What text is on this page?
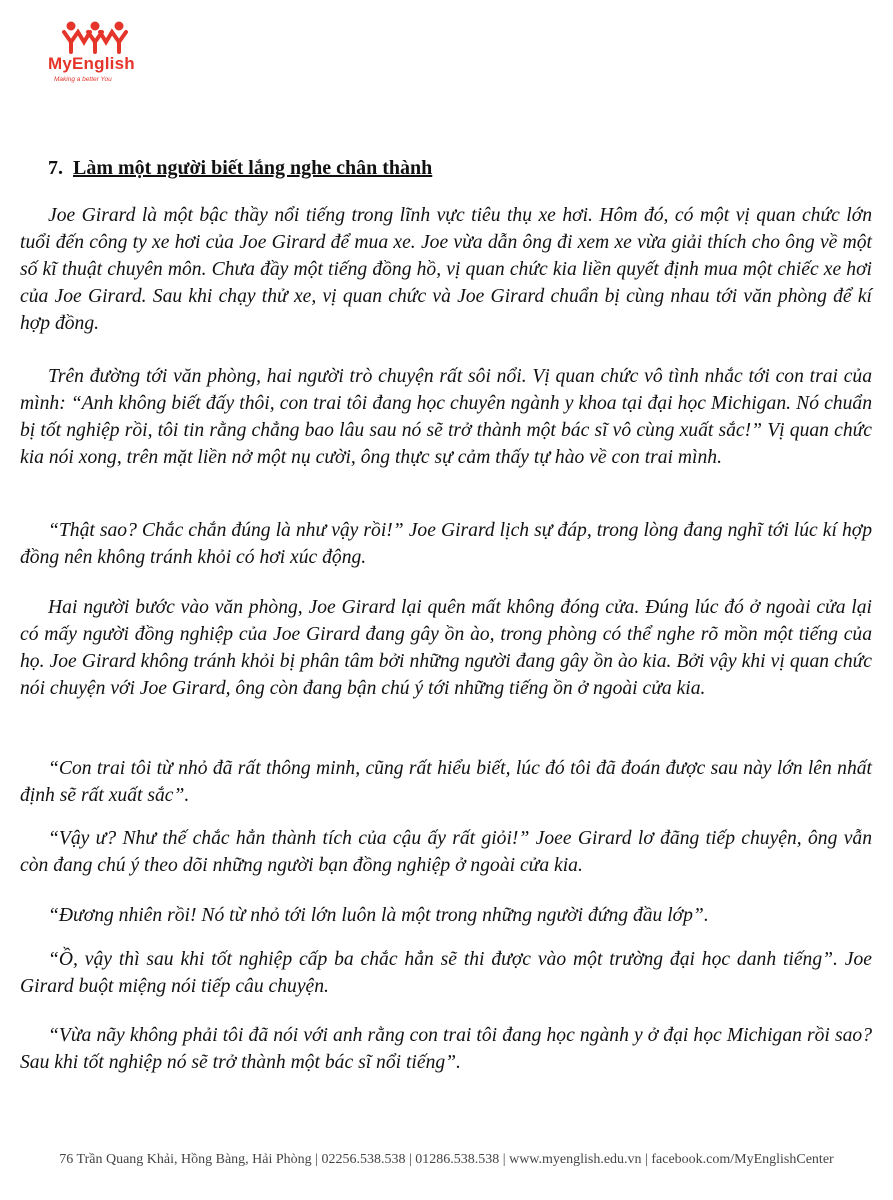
MyEnglish
Making a better You
7. Làm một người biết lắng nghe chân thành

Joe Girard là một bậc thầy nổi tiếng trong lĩnh vực tiêu thụ xe hơi. Hôm đó, có một vị quan chức lớn tuổi đến công ty xe hơi của Joe Girard để mua xe. Joe vừa dẫn ông đi xem xe vừa giải thích cho ông về một số kĩ thuật chuyên môn. Chưa đầy một tiếng đồng hồ, vị quan chức kia liền quyết định mua một chiếc xe hơi của Joe Girard. Sau khi chạy thử xe, vị quan chức và Joe Girard chuẩn bị cùng nhau tới văn phòng để kí hợp đồng.

Trên đường tới văn phòng, hai người trò chuyện rất sôi nổi. Vị quan chức vô tình nhắc tới con trai của mình: “Anh không biết đấy thôi, con trai tôi đang học chuyên ngành y khoa tại đại học Michigan. Nó chuẩn bị tốt nghiệp rồi, tôi tin rằng chẳng bao lâu sau nó sẽ trở thành một bác sĩ vô cùng xuất sắc!” Vị quan chức kia nói xong, trên mặt liền nở một nụ cười, ông thực sự cảm thấy tự hào về con trai mình.

“Thật sao? Chắc chắn đúng là như vậy rồi!” Joe Girard lịch sự đáp, trong lòng đang nghĩ tới lúc kí hợp đồng nên không tránh khỏi có hơi xúc động.

Hai người bước vào văn phòng, Joe Girard lại quên mất không đóng cửa. Đúng lúc đó ở ngoài cửa lại có mấy người đồng nghiệp của Joe Girard đang gây ồn ào, trong phòng có thể nghe rõ mồn một tiếng của họ. Joe Girard không tránh khỏi bị phân tâm bởi những người đang gây ồn ào kia. Bởi vậy khi vị quan chức nói chuyện với Joe Girard, ông còn đang bận chú ý tới những tiếng ồn ở ngoài cửa kia.

“Con trai tôi từ nhỏ đã rất thông minh, cũng rất hiểu biết, lúc đó tôi đã đoán được sau này lớn lên nhất định sẽ rất xuất sắc”.

“Vậy ư? Như thế chắc hẳn thành tích của cậu ấy rất giỏi!” Joee Girard lơ đãng tiếp chuyện, ông vẫn còn đang chú ý theo dõi những người bạn đồng nghiệp ở ngoài cửa kia.

“Đương nhiên rồi! Nó từ nhỏ tới lớn luôn là một trong những người đứng đầu lớp”.

“Ồ, vậy thì sau khi tốt nghiệp cấp ba chắc hẳn sẽ thi được vào một trường đại học danh tiếng”. Joe Girard buột miệng nói tiếp câu chuyện.

“Vừa nãy không phải tôi đã nói với anh rằng con trai tôi đang học ngành y ở đại học Michigan rồi sao? Sau khi tốt nghiệp nó sẽ trở thành một bác sĩ nổi tiếng”.

76 Trần Quang Khải, Hồng Bàng, Hải Phòng | 02256.538.538 | 01286.538.538 | www.myenglish.edu.vn | facebook.com/MyEnglishCenter
